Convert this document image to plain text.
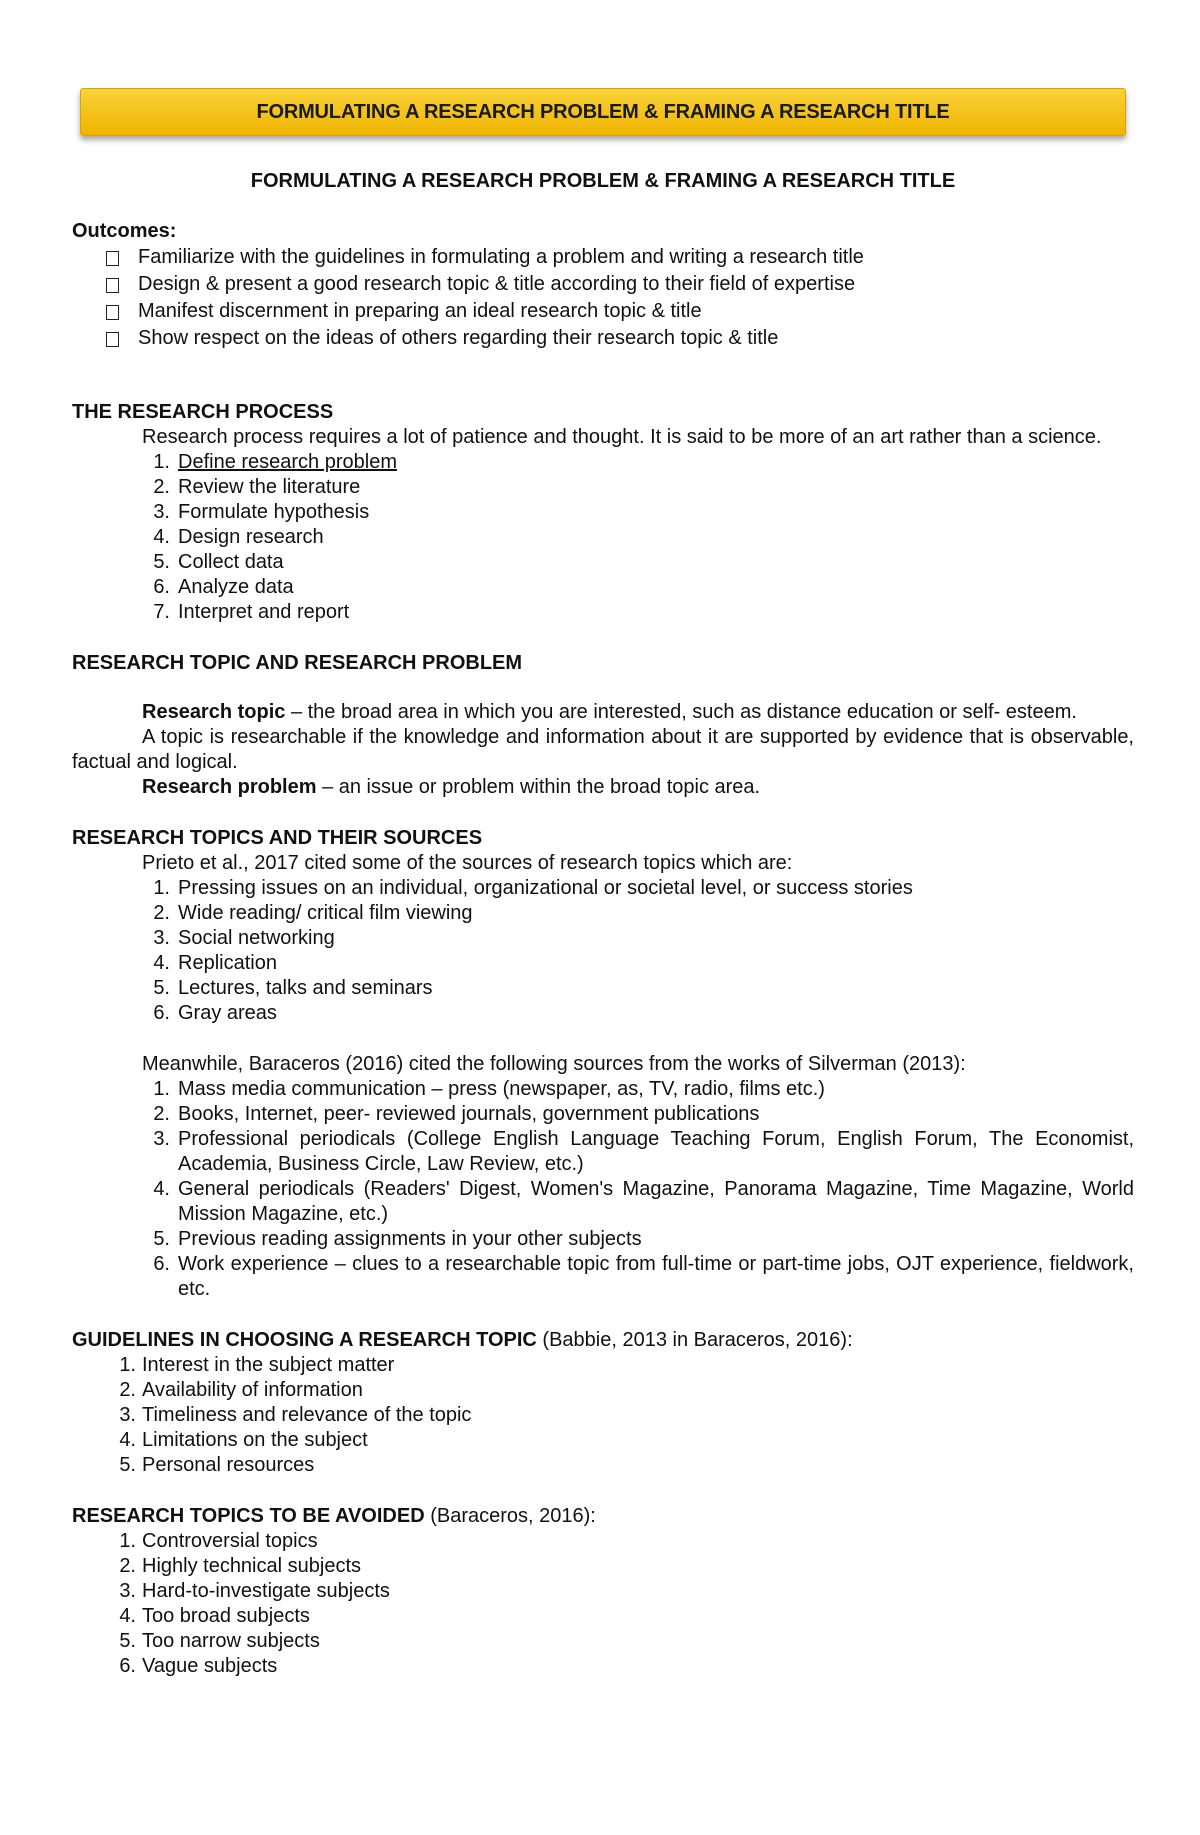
FORMULATING A RESEARCH PROBLEM & FRAMING A RESEARCH TITLE

FORMULATING A RESEARCH PROBLEM & FRAMING A RESEARCH TITLE

Outcomes:

Familiarize with the guidelines in formulating a problem and writing a research title
Design & present a good research topic & title according to their field of expertise
Manifest discernment in preparing an ideal research topic & title
Show respect on the ideas of others regarding their research topic & title

THE RESEARCH PROCESS

Research process requires a lot of patience and thought. It is said to be more of an art rather than a science.

1. Define research problem
2. Review the literature
3. Formulate hypothesis
4. Design research
5. Collect data
6. Analyze data
7. Interpret and report

RESEARCH TOPIC AND RESEARCH PROBLEM

Research topic – the broad area in which you are interested, such as distance education or self- esteem.

A topic is researchable if the knowledge and information about it are supported by evidence that is observable, factual and logical.

Research problem – an issue or problem within the broad topic area.

RESEARCH TOPICS AND THEIR SOURCES

Prieto et al., 2017 cited some of the sources of research topics which are:

1. Pressing issues on an individual, organizational or societal level, or success stories
2. Wide reading/ critical film viewing
3. Social networking
4. Replication
5. Lectures, talks and seminars
6. Gray areas

Meanwhile, Baraceros (2016) cited the following sources from the works of Silverman (2013):

1. Mass media communication – press (newspaper, as, TV, radio, films etc.)
2. Books, Internet, peer- reviewed journals, government publications
3. Professional periodicals (College English Language Teaching Forum, English Forum, The Economist, Academia, Business Circle, Law Review, etc.)
4. General periodicals (Readers' Digest, Women's Magazine, Panorama Magazine, Time Magazine, World Mission Magazine, etc.)
5. Previous reading assignments in your other subjects
6. Work experience – clues to a researchable topic from full-time or part-time jobs, OJT experience, fieldwork, etc.

GUIDELINES IN CHOOSING A RESEARCH TOPIC (Babbie, 2013 in Baraceros, 2016):

1. Interest in the subject matter
2. Availability of information
3. Timeliness and relevance of the topic
4. Limitations on the subject
5. Personal resources

RESEARCH TOPICS TO BE AVOIDED (Baraceros, 2016):

1. Controversial topics
2. Highly technical subjects
3. Hard-to-investigate subjects
4. Too broad subjects
5. Too narrow subjects
6. Vague subjects
